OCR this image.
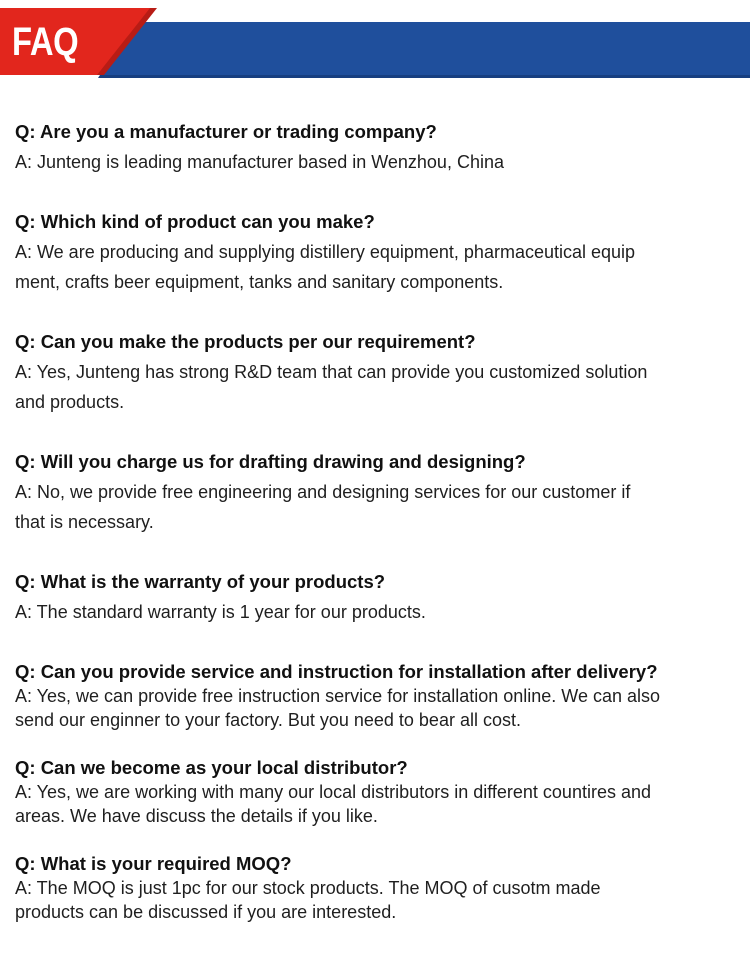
FAQ
Q: Are you a manufacturer or trading company?
A: Junteng is leading manufacturer based in Wenzhou, China
Q: Which kind of product can you make?
A: We are producing and supplying distillery equipment, pharmaceutical equip
ment, crafts beer equipment, tanks and sanitary components.
Q: Can you make the products per our requirement?
A: Yes, Junteng has strong R&D team that can provide you customized solution
and products.
Q: Will you charge us for drafting drawing and designing?
A: No, we provide free engineering and designing services for our customer if
that is necessary.
Q: What is the warranty of your products?
A: The standard warranty is 1 year for our products.
Q: Can you provide service and instruction for installation after delivery?
A: Yes, we can provide free instruction service for installation online. We can also
send our enginner to your factory. But you need to bear all cost.
Q: Can we become as your local distributor?
A: Yes, we are working with many our local distributors in different countires and
areas. We have discuss the details if you like.
Q: What is your required MOQ?
A: The MOQ is just 1pc for our stock products. The MOQ of cusotm made
products can be discussed if you are interested.
